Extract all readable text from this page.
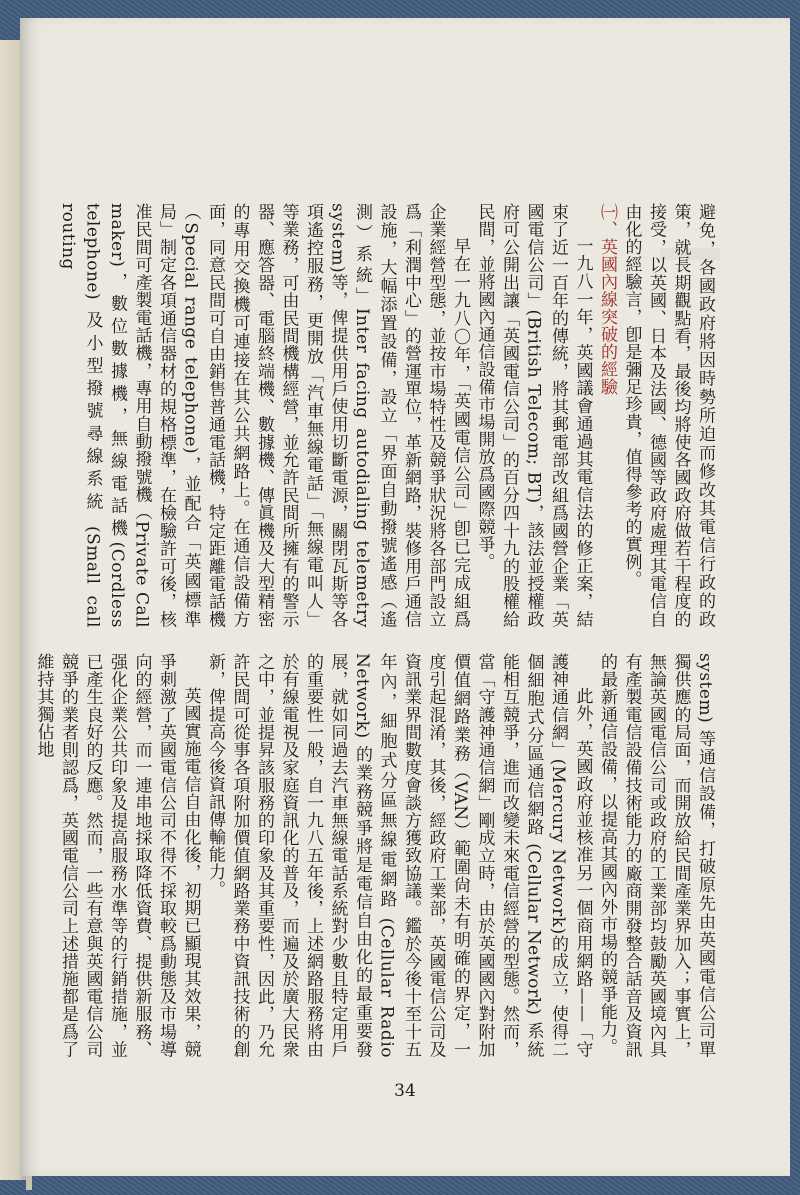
避免，各國政府將因時勢所迫而修改其電信行政的政策，就長期觀點看，最後均將使各國政府做若干程度的接受，以英國、日本及法國、德國等政府處理其電信自由化的經驗言，卽是彌足珍貴，值得參考的實例。

㈠、英國內線突破的經驗

一九八一年，英國議會通過其電信法的修正案，結束了近一百年的傳統，將其郵電部改組爲國營企業「英國電信公司」(British Telecom; BT)，該法並授權政府可公開出讓「英國電信公司」的百分四十九的股權給民間，並將國內通信設備市場開放爲國際競爭。

早在一九八〇年，「英國電信公司」卽已完成組爲企業經營型態，並按市場特性及競爭狀況將各部門設立爲「利潤中心」的營運單位，革新網路，裝修用戶通信設施，大幅添置設備，設立「界面自動撥號遙感（遙測）系統」Inter facing autodialing telemetry system)等，俾提供用戶使用切斷電源，關閉瓦斯等各項遙控服務，更開放「汽車無線電話」「無線電叫人」等業務，可由民間機構經營，並允許民間所擁有的警示器、應答器、電腦終端機、數據機、傳眞機及大型精密的專用交換機可連接在其公共網路上。在通信設備方面，同意民間可自由銷售普通電話機，特定距離電話機（Special range telephone)，並配合「英國標準局」制定各項通信器材的規格標準，在檢驗許可後，核准民間可產製電話機，專用自動撥號機（Private Call maker)，數位數據機，無線電話機(Cordless telephone) 及小型撥號尋線系統 (Small call routing

system) 等通信設備，打破原先由英國電信公司單獨供應的局面，而開放給民間產業界加入；事實上，無論英國電信公司或政府的工業部均鼓勵英國境內具有產製電信設備技術能力的廠商開發整合話音及資訊的最新通信設備，以提高其國內外市場的競爭能力。

此外，英國政府並核准另一個商用網路——「守護神通信網」(Mercury Network)的成立，使得二個細胞式分區通信網路 (Cellular Network) 系統能相互競爭，進而改變未來電信經營的型態。然而，當「守護神通信網」剛成立時，由於英國國內對附加價值網路業務（VAN）範圍尙未有明確的界定，一度引起混淆，其後，經政府工業部，英國電信公司及資訊業界間數度會談方獲致協議。鑑於今後十至十五年內，細胞式分區無線電網路 (Cellular Radio Network) 的業務競爭將是電信自由化的最重要發展，就如同過去汽車無線電話系統對少數且特定用戶的重要性一般，自一九八五年後，上述網路服務將由於有線電視及家庭資訊化的普及，而遍及於廣大民衆之中，並提昇該服務的印象及其重要性，因此，乃允許民間可從事各項附加價值網路業務中資訊技術的創新，俾提高今後資訊傳輸能力。

英國實施電信自由化後，初期已顯現其效果，競爭刺激了英國電信公司不得不採取較爲動態及市場導向的經營，而一連串地採取降低資費、提供新服務、强化企業公共印象及提高服務水準等的行銷措施，並已產生良好的反應。然而，一些有意與英國電信公司競爭的業者則認爲，英國電信公司上述措施都是爲了維持其獨佔地

34
